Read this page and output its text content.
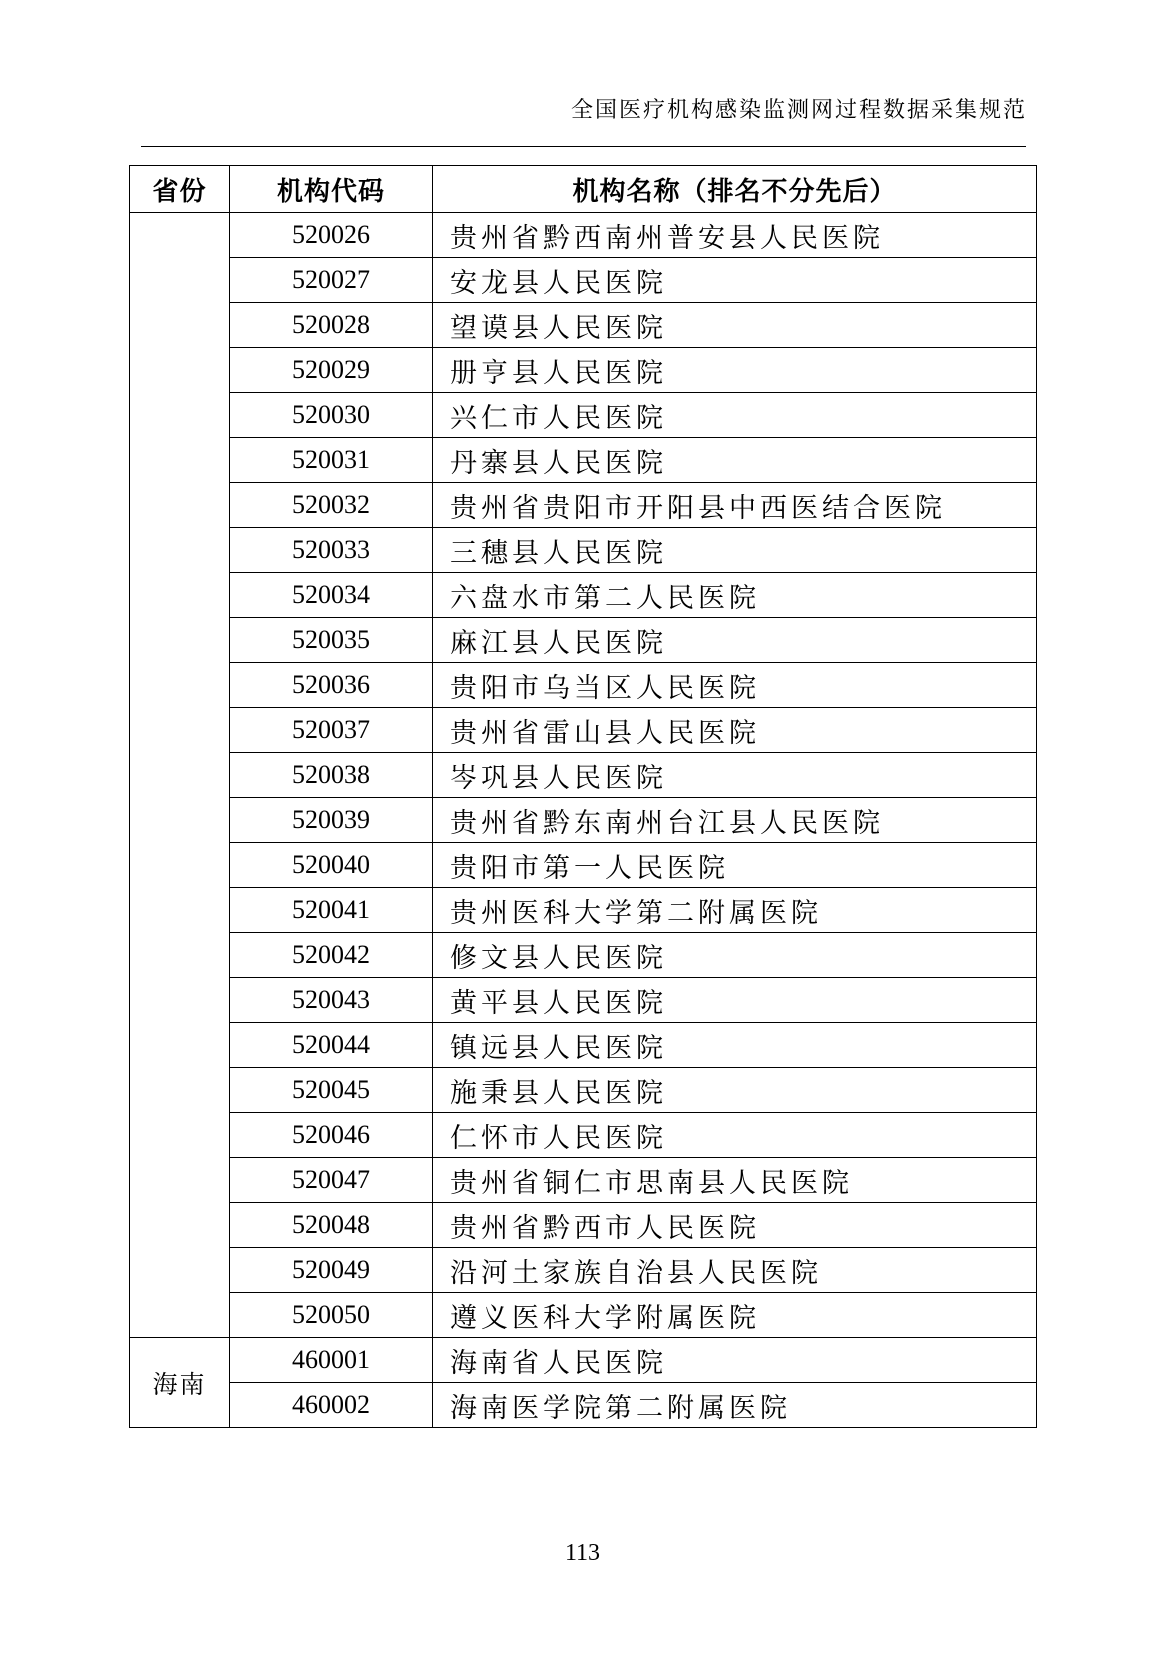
全国医疗机构感染监测网过程数据采集规范
省份	机构代码	机构名称（排名不分先后）
	520026	贵州省黔西南州普安县人民医院
	520027	安龙县人民医院
	520028	望谟县人民医院
	520029	册亨县人民医院
	520030	兴仁市人民医院
	520031	丹寨县人民医院
	520032	贵州省贵阳市开阳县中西医结合医院
	520033	三穗县人民医院
	520034	六盘水市第二人民医院
	520035	麻江县人民医院
	520036	贵阳市乌当区人民医院
	520037	贵州省雷山县人民医院
	520038	岑巩县人民医院
	520039	贵州省黔东南州台江县人民医院
	520040	贵阳市第一人民医院
	520041	贵州医科大学第二附属医院
	520042	修文县人民医院
	520043	黄平县人民医院
	520044	镇远县人民医院
	520045	施秉县人民医院
	520046	仁怀市人民医院
	520047	贵州省铜仁市思南县人民医院
	520048	贵州省黔西市人民医院
	520049	沿河土家族自治县人民医院
	520050	遵义医科大学附属医院
海南	460001	海南省人民医院
	460002	海南医学院第二附属医院
113
